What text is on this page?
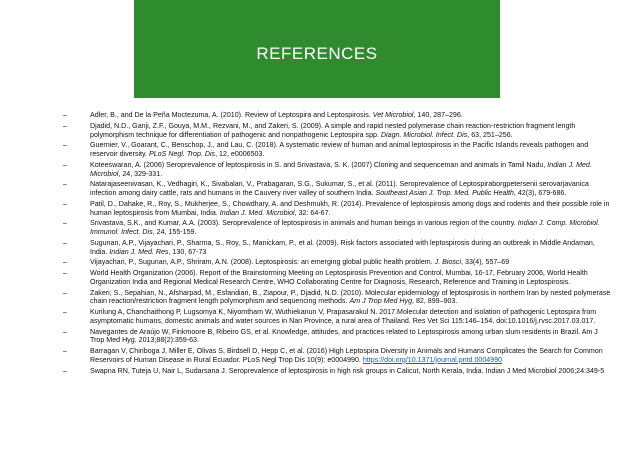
REFERENCES
–	Adler, B., and De la Peña Moctezuma, A. (2010). Review of Leptospira and Leptospirosis. Vet Microbiol, 140, 287–296.
–	Djadid, N.D., Ganji, Z.F., Gouya, M.M., Rezvani, M., and Zakeri, S. (2009). A simple and rapid nested polymerase chain reaction-restriction fragment length polymorphism technique for differentiation of pathogenic and nonpathogenic Leptospira spp. Diagn. Microbiol. Infect. Dis, 63, 251–256.
–	Guernier, V., Goarant, C., Benschop, J., and Lau, C. (2018). A systematic review of human and animal leptospirosis in the Pacific Islands reveals pathogen and reservoir diversity. PLoS Negl. Trop. Dis, 12, e0006503.
–	Koteeswaran, A. (2006) Seroprevalence of leptospirosis in S. and Srivastava, S. K. (2007) Cloning and sequenceman and animals in Tamil Nadu, Indian J. Med. Microbiol, 24, 329-331.
–	Natarajaseenivasan, K., Vedhagiri, K., Sivabalan, V., Prabagaran, S.G., Sukumar, S., et al. (2011). Seroprevalence of Leptospiraborgpetersenii serovarjavanica infection among dairy cattle, rats and humans in the Cauvery river valley of southern India. Southeast Asian J. Trop. Med. Public Health, 42(3), 679-686.
–	Patil, D., Dahake, R., Roy, S., Mukherjee, S., Chowdhary, A. and Deshmukh, R. (2014). Prevalence of leptospirosis among dogs and rodents and their possible role in human leptospirosis from Mumbai, India. Indian J. Med. Microbiol, 32: 64-67.
–	Srivastava, S.K., and Kumar, A.A. (2003). Seroprevalence of leptospirosis in animals and human beings in various region of the country. Indian J. Comp. Microbiol. Immunol. Infect. Dis, 24, 155-159.
–	Sugunan, A.P., Vijayachari, P., Sharma, S., Roy, S., Manickam, P., et al. (2009). Risk factors associated with leptospirosis during an outbreak in Middle Andaman, India. Indian J. Med. Res, 130, 67-73
–	Vijayachari, P., Sugunan, A.P., Shriram, A.N. (2008). Leptospirosis: an emerging global public health problem. J. Biosci, 33(4), 557–69
–	World Health Organization (2006). Report of the Brainstorming Meeting on Leptospirosis Prevention and Control, Mumbai, 16-17, February 2006, World Health Organization India and Regional Medical Research Centre, WHO Collaborating Centre for Diagnosis, Research, Reference and Training in Leptospirosis.
–	Zakeri, S., Sepahian, N., Afsharpad, M., Esfandiari, B., Ziapour, P., Djadid, N.D. (2010). Molecular epidemiology of leptospirosis in northern Iran by nested polymerase chain reaction/restriction fragment length polymorphism and sequencing methods. Am J Trop Med Hyg, 82, 899–903.
–	Kurilung A, Chanchaithong P, Lugsomya K, Niyomtham W, Wuthiekanun V, Prapasarakul N. 2017.Molecular detection and isolation of pathogenic Leptospira from asymptomatic humans, domestic animals and water sources in Nan Province, a rural area of Thailand. Res Vet Sci 115:146–154. doi:10.1016/j.rvsc.2017.03.017.
–	Navegantes de Araújo W, Finkmoore B, Ribeiro GS, et al. Knowledge, attitudes, and practices related to Leptospirosis among urban slum residents in Brazil. Am J Trop Med Hyg. 2013;88(2):359-63.
–	Barragan V, Chiriboga J, Miller E, Olivas S, Birdsell D, Hepp C, et al. (2016) High Leptospira Diversity in Animals and Humans Complicates the Search for Common Reservoirs of Human Disease in Rural Ecuador. PLoS Negl Trop Dis 10(9): e0004990. https://doi.org/10.1371/journal.pntd.0004990
–	Swapna RN, Tuteja U, Nair L, Sudarsana J. Seroprevalence of leptospirosis in high risk groups in Calicut, North Kerala, India. Indian J Med Microbiol 2006;24:349-5
